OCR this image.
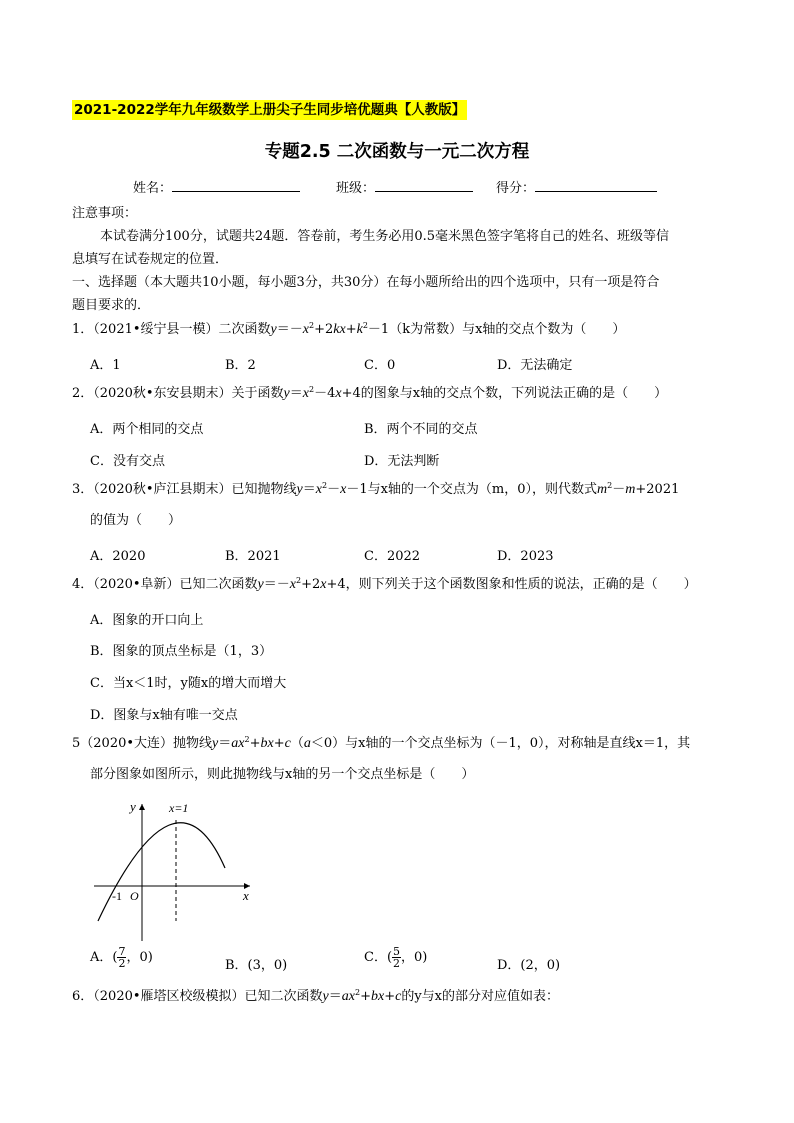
2021-2022学年九年级数学上册尖子生同步培优题典【人教版】
专题2.5 二次函数与一元二次方程
姓名：	班级：	得分：
注意事项：
本试卷满分100分，试题共24题．答卷前，考生务必用0.5毫米黑色签字笔将自己的姓名、班级等信
息填写在试卷规定的位置．
一、选择题（本大题共10小题，每小题3分，共30分）在每小题所给出的四个选项中，只有一项是符合
题目要求的．
1．（2021•绥宁县一模）二次函数$y=-x^2+2kx+k^2-1(k$为常数）与x轴的交点个数为（　　）
A．1	B．2	C．0	D．无法确定
2．（2020秋•东安县期末）关于函数$y=x^2-4x+4$的图象与x轴的交点个数，下列说法正确的是（　　）
A．两个相同的交点	B．两个不同的交点
C．没有交点	D．无法判断
3．（2020秋•庐江县期末）已知抛物线$y=x^2-x-1$与x轴的一个交点为（m，0），则代数式$m^2-m+2021$
的值为（　　）
A．2020	B．2021	C．2022	D．2023
4．（2020•阜新）已知二次函数$y=-x^2+2x+4$，则下列关于这个函数图象和性质的说法，正确的是（　　）
A．图象的开口向上
B．图象的顶点坐标是（1，3）
C．当x＜1时，y随x的增大而增大
D．图象与x轴有唯一交点
5（2020•大连）抛物线$y=ax^2+bx+c(a<0)$与x轴的一个交点坐标为（－1，0），对称轴是直线x＝1，其
部分图象如图所示，则此抛物线与x轴的另一个交点坐标是（　　）
y
x
x=1
-1 O
A．( $\frac{7}{2}$ ，0)
B．(3，0)
C．( $\frac{5}{2}$ ，0)
D．(2，0)
6．（2020•雁塔区校级模拟）已知二次函数$y=ax^2+bx+c$的y与x的部分对应值如表：
